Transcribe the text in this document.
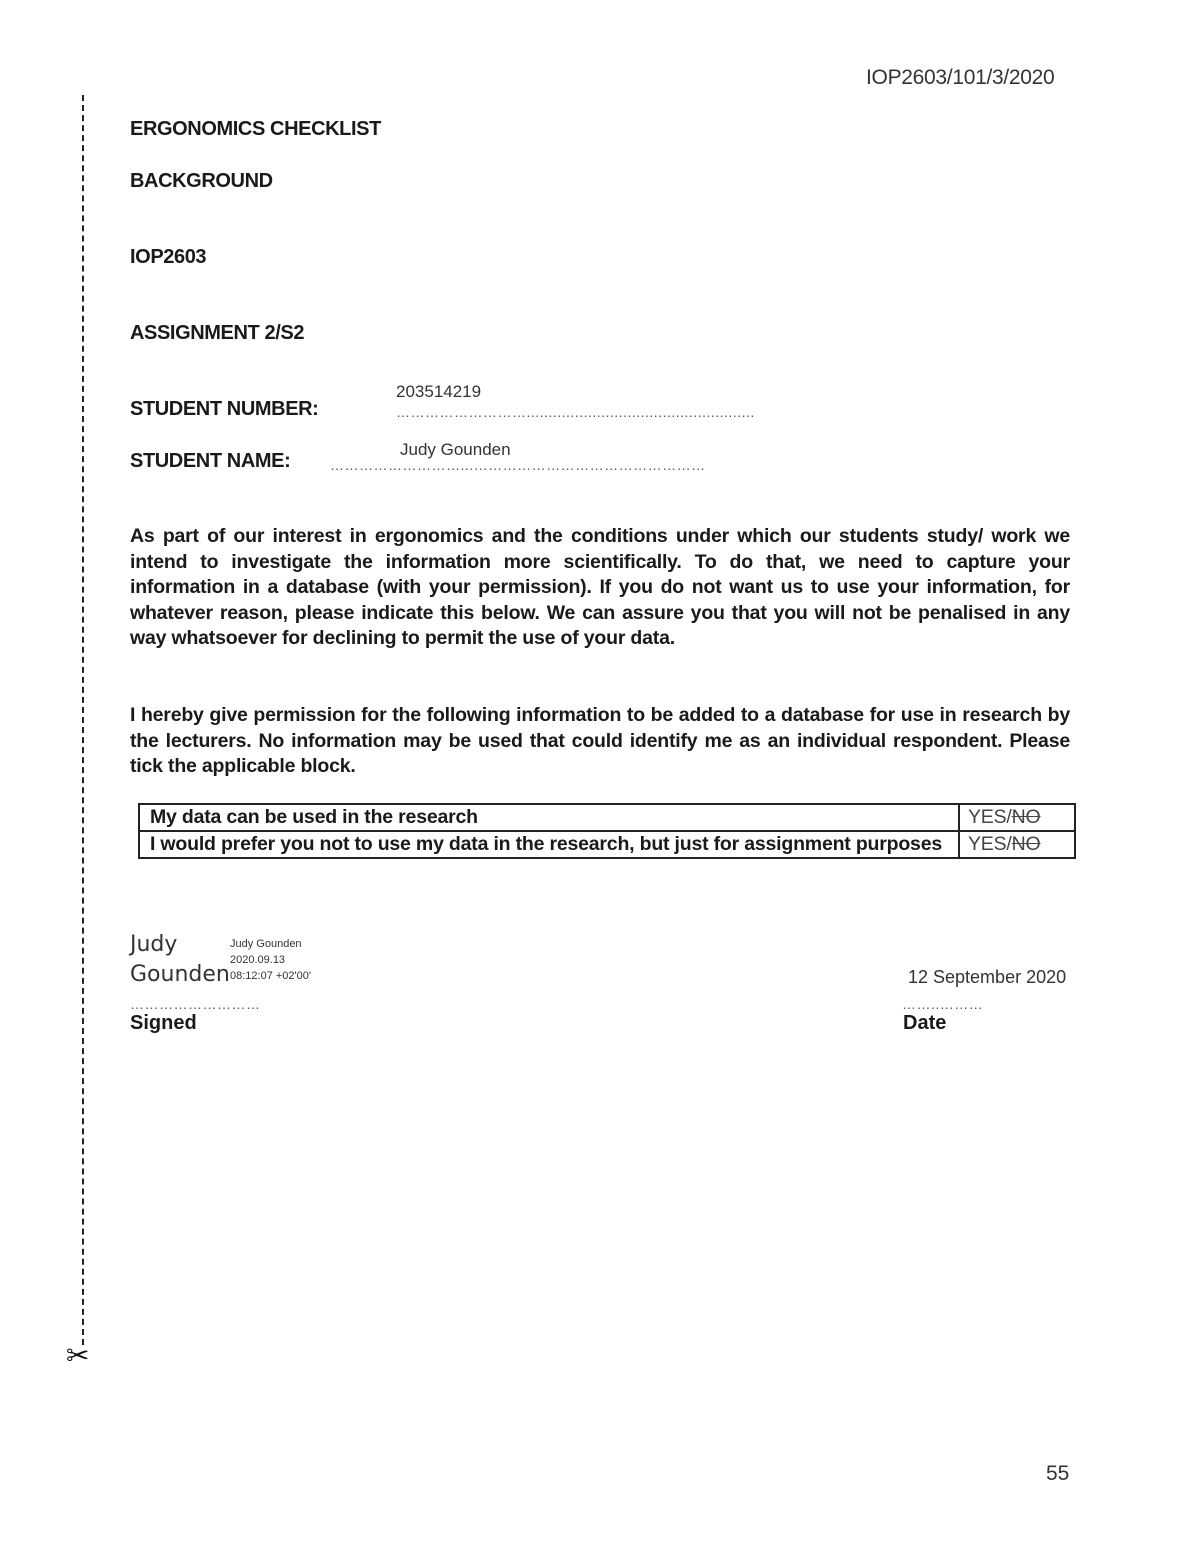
IOP2603/101/3/2020
✂
ERGONOMICS CHECKLIST
BACKGROUND
IOP2603
ASSIGNMENT 2/S2
STUDENT NUMBER:
203514219
………………………....................................................
STUDENT NAME:
Judy Gounden
………………………...…………………………………………
As part of our interest in ergonomics and the conditions under which our students study/ work we intend to investigate the information more scientifically. To do that, we need to capture your information in a database (with your permission). If you do not want us to use your information, for whatever reason, please indicate this below. We can assure you that you will not be penalised in any way whatsoever for declining to permit the use of your data.
I hereby give permission for the following information to be added to a database for use in research by the lecturers. No information may be used that could identify me as an individual respondent. Please tick the applicable block.
My data can be used in the research	YES/NO
I would prefer you not to use my data in the research, but just for assignment purposes	YES/NO
Judy
Gounden
Judy Gounden
2020.09.13
08:12:07 +02'00'
………………………
Signed
12 September 2020
……..………
Date
55
